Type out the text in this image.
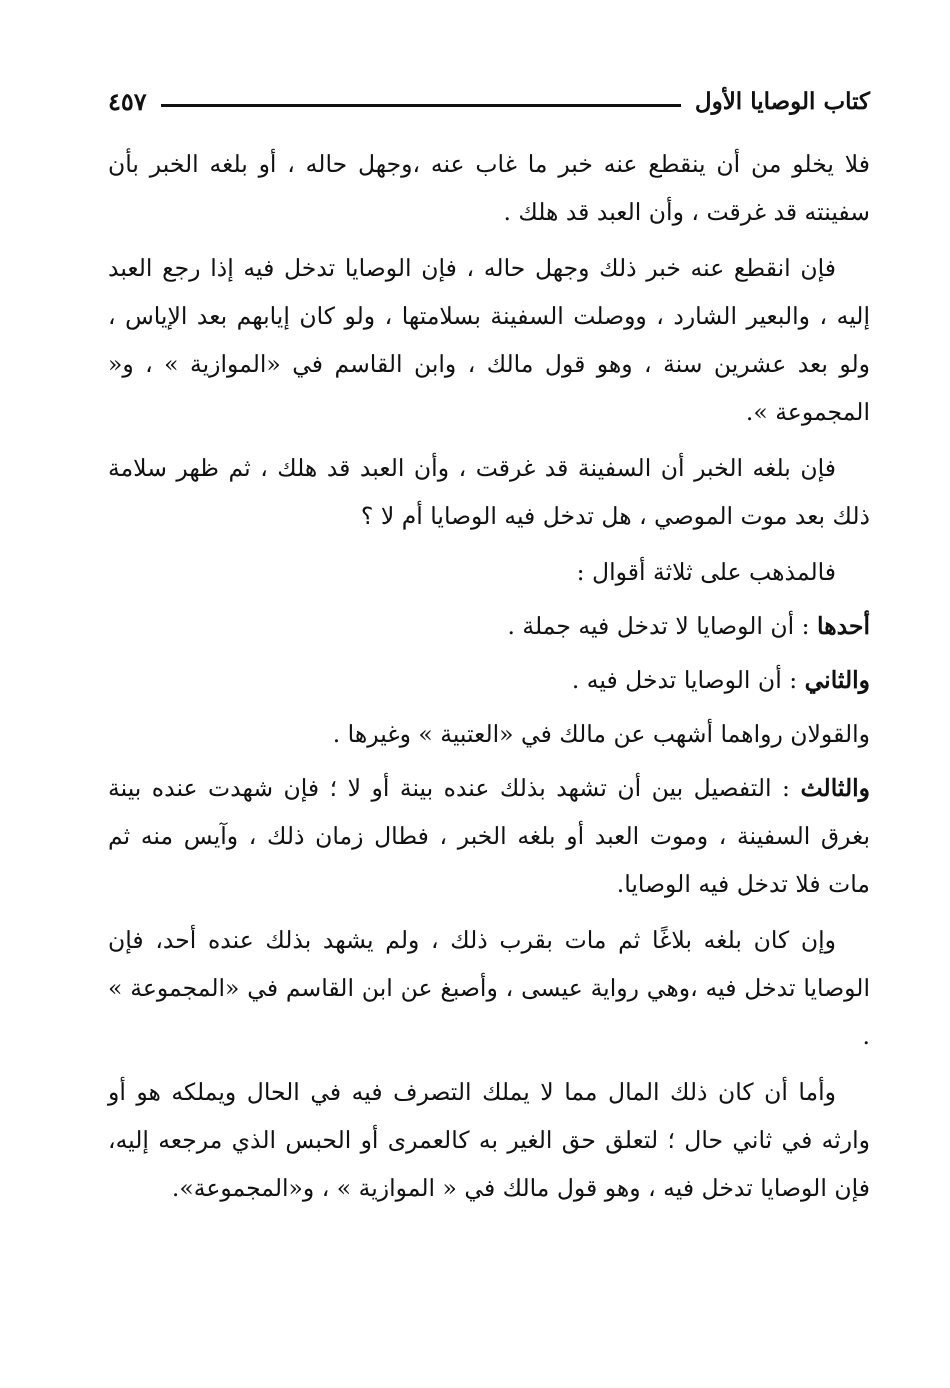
كتاب الوصايا الأول
٤٥٧

فلا يخلو من أن ينقطع عنه خبر ما غاب عنه ،وجهل حاله ، أو بلغه الخبر بأن سفينته قد غرقت ، وأن العبد قد هلك .

فإن انقطع عنه خبر ذلك وجهل حاله ، فإن الوصايا تدخل فيه إذا رجع العبد إليه ، والبعير الشارد ، ووصلت السفينة بسلامتها ، ولو كان إيابهم بعد الإياس ، ولو بعد عشرين سنة ، وهو قول مالك ، وابن القاسم في «الموازية » ، و« المجموعة ».

فإن بلغه الخبر أن السفينة قد غرقت ، وأن العبد قد هلك ، ثم ظهر سلامة ذلك بعد موت الموصي ، هل تدخل فيه الوصايا أم لا ؟

فالمذهب على ثلاثة أقوال :

أحدها : أن الوصايا لا تدخل فيه جملة .

والثاني : أن الوصايا تدخل فيه .

والقولان رواهما أشهب عن مالك في «العتبية » وغيرها .

والثالث : التفصيل بين أن تشهد بذلك عنده بينة أو لا ؛ فإن شهدت عنده بينة بغرق السفينة ، وموت العبد أو بلغه الخبر ، فطال زمان ذلك ، وآيس منه ثم مات فلا تدخل فيه الوصايا.

وإن كان بلغه بلاغًا ثم مات بقرب ذلك ، ولم يشهد بذلك عنده أحد، فإن الوصايا تدخل فيه ،وهي رواية عيسى ، وأصبغ عن ابن القاسم في «المجموعة » .

وأما أن كان ذلك المال مما لا يملك التصرف فيه في الحال ويملكه هو أو وارثه في ثاني حال ؛ لتعلق حق الغير به كالعمرى أو الحبس الذي مرجعه إليه، فإن الوصايا تدخل فيه ، وهو قول مالك في « الموازية » ، و«المجموعة».
